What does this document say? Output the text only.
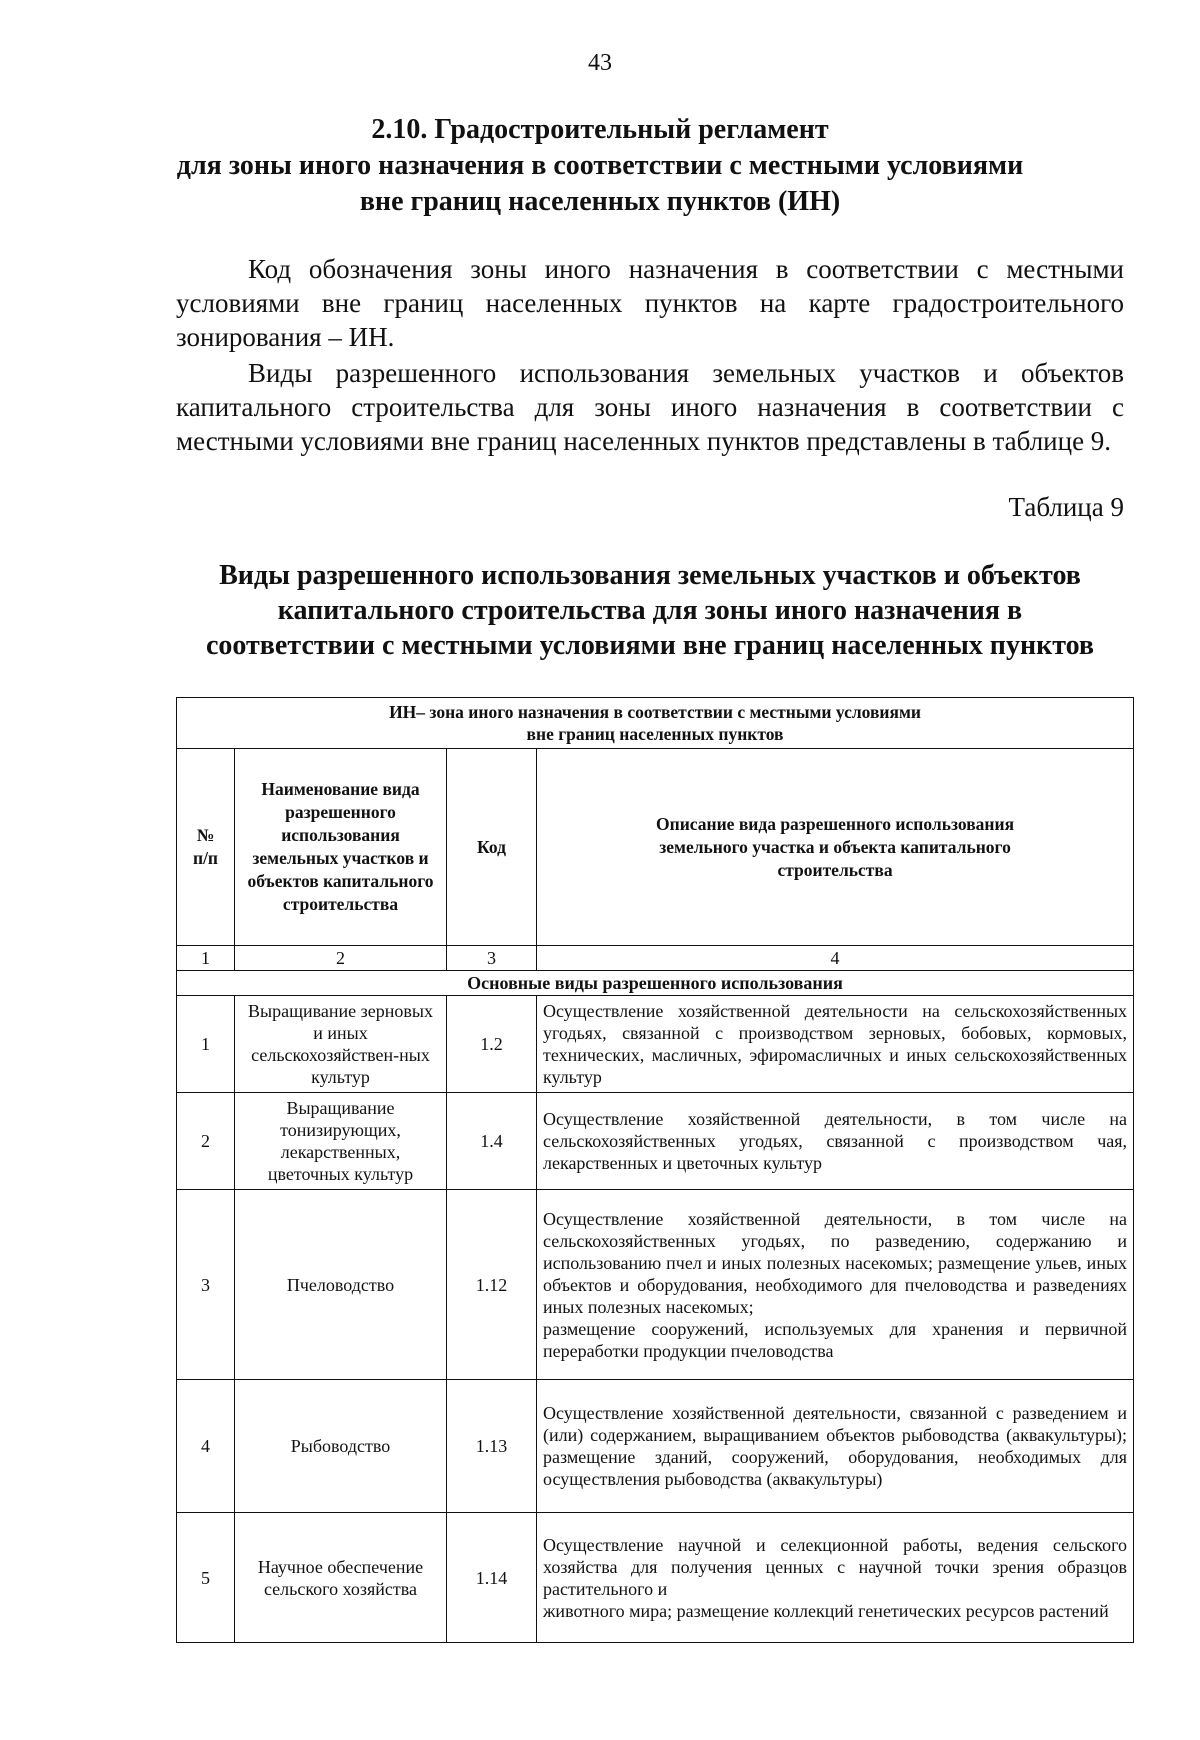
43
2.10. Градостроительный регламент
для зоны иного назначения в соответствии с местными условиями
вне границ населенных пунктов (ИН)

Код обозначения зоны иного назначения в соответствии с местными условиями вне границ населенных пунктов на карте градостроительного зонирования – ИН.

Виды разрешенного использования земельных участков и объектов капитального строительства для зоны иного назначения в соответствии с местными условиями вне границ населенных пунктов представлены в таблице 9.

Таблица 9
Виды разрешенного использования земельных участков и объектов
капитального строительства для зоны иного назначения в
соответствии с местными условиями вне границ населенных пунктов
ИН– зона иного назначения в соответствии с местными условиями
вне границ населенных пунктов			

№
п/п	Наименование вида разрешенного использования земельных участков и объектов капитального строительства	Код	Описание вида разрешенного использования земельного участка и объекта капитального строительства
1	2	3	4
Основные виды разрешенного использования			
1	Выращивание зерновых и иных сельскохозяйствен-ных культур	1.2	Осуществление хозяйственной деятельности на сельскохозяйственных угодьях, связанной с производством зерновых, бобовых, кормовых, технических, масличных, эфиромасличных и иных сельскохозяйственных культур

2	Выращивание тонизирующих, лекарственных, цветочных культур	1.4	Осуществление хозяйственной деятельности, в том числе на сельскохозяйственных угодьях, связанной с производством чая, лекарственных и цветочных культур

3	Пчеловодство	1.12	Осуществление хозяйственной деятельности, в том числе на сельскохозяйственных угодьях, по разведению, содержанию и использованию пчел и иных полезных насекомых; размещение ульев, иных объектов и оборудования, необходимого для пчеловодства и разведениях иных полезных насекомых;
размещение сооружений, используемых для хранения и первичной переработки продукции пчеловодства

4	Рыбоводство	1.13	Осуществление хозяйственной деятельности, связанной с разведением и (или) содержанием, выращиванием объектов рыбоводства (аквакультуры); размещение зданий, сооружений, оборудования, необходимых для осуществления рыбоводства (аквакультуры)

5	Научное обеспечение сельского хозяйства	1.14	Осуществление научной и селекционной работы, ведения сельского хозяйства для получения ценных с научной точки зрения образцов растительного и
животного мира; размещение коллекций генетических ресурсов растений
